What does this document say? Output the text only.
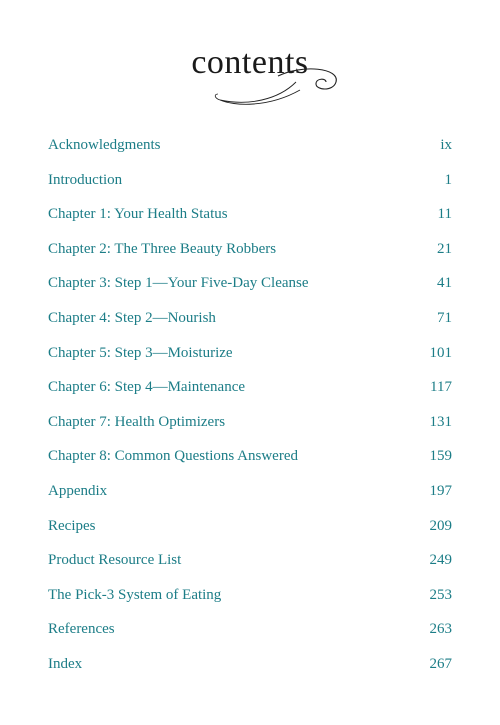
contents
Acknowledgments	ix
Introduction	1
Chapter 1: Your Health Status	11
Chapter 2: The Three Beauty Robbers	21
Chapter 3: Step 1—Your Five-Day Cleanse	41
Chapter 4: Step 2—Nourish	71
Chapter 5: Step 3—Moisturize	101
Chapter 6: Step 4—Maintenance	117
Chapter 7: Health Optimizers	131
Chapter 8: Common Questions Answered	159
Appendix	197
Recipes	209
Product Resource List	249
The Pick-3 System of Eating	253
References	263
Index	267
